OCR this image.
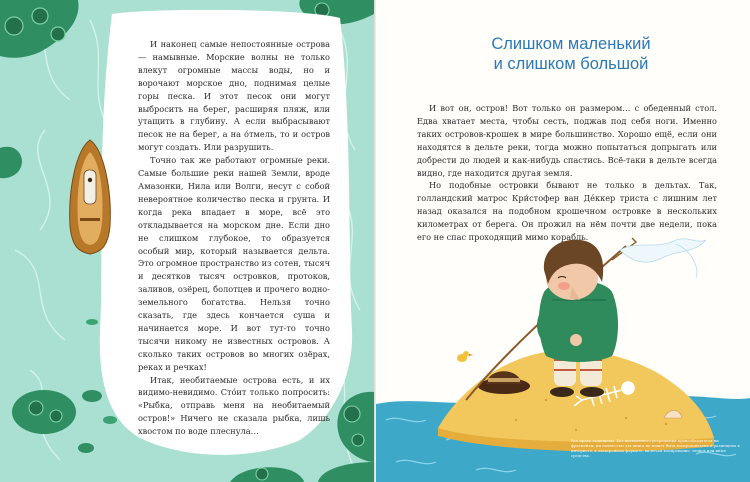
И наконец самые непостоянные острова — намывные. Морские волны не только влекут огромные массы воды, но и ворочают морское дно, поднимая целые горы песка. И этот песок они могут выбросить на берег, расширяя пляж, или утащить в глубину. А если выбрасывают песок не на берег, а на о́тмель, то и остров могут создать. Или разрушить.

Точно так же работают огромные реки. Самые большие реки нашей Земли, вроде Амазонки, Нила или Волги, несут с собой невероятное количество песка и грунта. И когда река впадает в море, всё это откладывается на морском дне. Если дно не слишком глубокое, то образуется особый мир, который называется дельта. Это огромное пространство из сотен, тысяч и десятков тысяч островков, протоков, заливов, озёрец, болотцев и прочего водно-земельного богатства. Нельзя точно сказать, где здесь кончается суша и начинается море. И вот тут-то точно тысячи никому не известных островов. А сколько таких островов во многих озёрах, реках и речках!

Итак, необитаемые острова есть, и их видимо-невидимо. Сто́ит только попросить: «Рыбка, отправь меня на необитаемый остров!» Ничего не сказала рыбка, лишь хвостом по воде плеснула…

Слишком маленький
и слишком большой

И вот он, остров! Вот только он размером… с обеденный стол. Едва хватает места, чтобы сесть, поджав под себя ноги. Именно таких островов-крошек в мире большинство. Хорошо ещё, если они находятся в дельте реки, тогда можно попытаться допрыгать или добрести до людей и как-нибудь спастись. Всё-таки в дельте всегда видно, где находится другая земля.

Но подобные островки бывают не только в дельтах. Так, голландский матрос Кри́стофер ван Дéккер триста с лишним лет назад оказался на подобном крошечном островке в нескольких километрах от берега. Он прожил на нём почти две недели, пока его не спас проходящий мимо корабль.

Все права защищены. Без письменного разрешения правообладателя ни фрагменты, ни полностью эта книга не может быть воспроизведена и размещена в интернете, в электронном формате, включая копирование, запись или иные средства.
